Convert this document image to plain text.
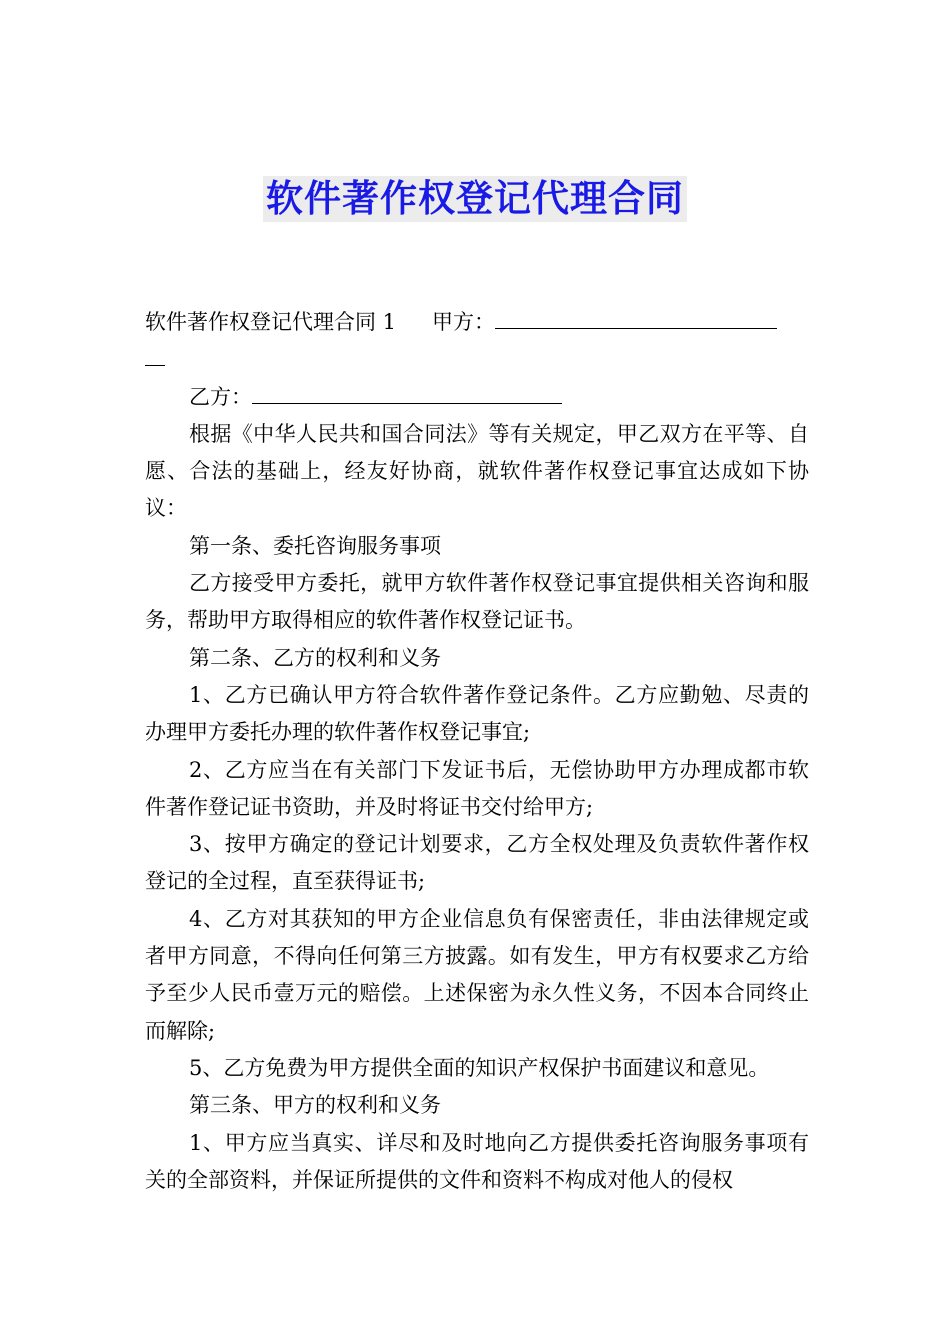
软件著作权登记代理合同

软件著作权登记代理合同 1 甲方：

乙方：

根据《中华人民共和国合同法》等有关规定，甲乙双方在平等、自愿、合法的基础上，经友好协商，就软件著作权登记事宜达成如下协议：

第一条、委托咨询服务事项

乙方接受甲方委托，就甲方软件著作权登记事宜提供相关咨询和服务，帮助甲方取得相应的软件著作权登记证书。

第二条、乙方的权利和义务

1、乙方已确认甲方符合软件著作登记条件。乙方应勤勉、尽责的办理甲方委托办理的软件著作权登记事宜;

2、乙方应当在有关部门下发证书后，无偿协助甲方办理成都市软件著作登记证书资助，并及时将证书交付给甲方;

3、按甲方确定的登记计划要求，乙方全权处理及负责软件著作权登记的全过程，直至获得证书;

4、乙方对其获知的甲方企业信息负有保密责任，非由法律规定或者甲方同意，不得向任何第三方披露。如有发生，甲方有权要求乙方给予至少人民币壹万元的赔偿。上述保密为永久性义务，不因本合同终止而解除;

5、乙方免费为甲方提供全面的知识产权保护书面建议和意见。

第三条、甲方的权利和义务

1、甲方应当真实、详尽和及时地向乙方提供委托咨询服务事项有关的全部资料，并保证所提供的文件和资料不构成对他人的侵权
